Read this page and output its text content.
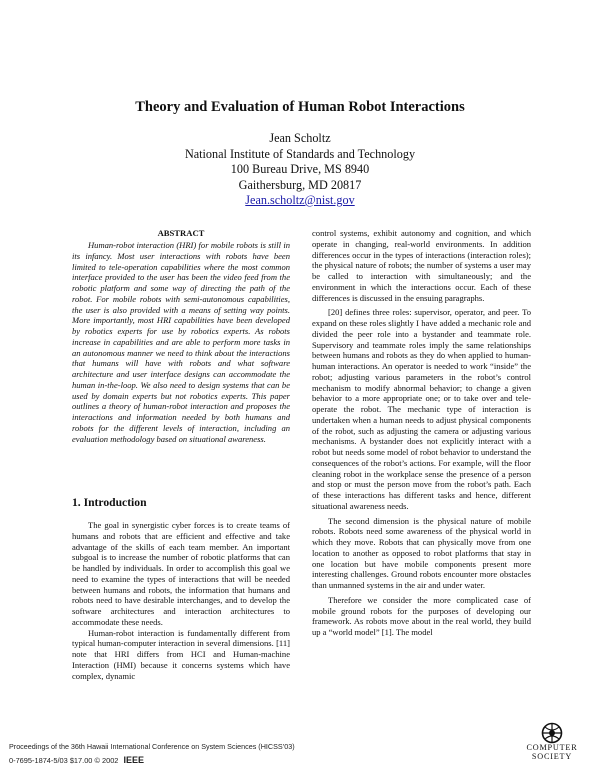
Theory and Evaluation of Human Robot Interactions
Jean Scholtz
National Institute of Standards and Technology
100 Bureau Drive, MS 8940
Gaithersburg, MD 20817
Jean.scholtz@nist.gov
ABSTRACT
Human-robot interaction (HRI) for mobile robots is still in its infancy. Most user interactions with robots have been limited to tele-operation capabilities where the most common interface provided to the user has been the video feed from the robotic platform and some way of directing the path of the robot. For mobile robots with semi-autonomous capabilities, the user is also provided with a means of setting way points. More importantly, most HRI capabilities have been developed by robotics experts for use by robotics experts. As robots increase in capabilities and are able to perform more tasks in an autonomous manner we need to think about the interactions that humans will have with robots and what software architecture and user interface designs can accommodate the human in-the-loop. We also need to design systems that can be used by domain experts but not robotics experts. This paper outlines a theory of human-robot interaction and proposes the interactions and information needed by both humans and robots for the different levels of interaction, including an evaluation methodology based on situational awareness.
1. Introduction

The goal in synergistic cyber forces is to create teams of humans and robots that are efficient and effective and take advantage of the skills of each team member. An important subgoal is to increase the number of robotic platforms that can be handled by individuals. In order to accomplish this goal we need to examine the types of interactions that will be needed between humans and robots, the information that humans and robots need to have desirable interchanges, and to develop the software architectures and interaction architectures to accommodate these needs.

Human-robot interaction is fundamentally different from typical human-computer interaction in several dimensions. [11] note that HRI differs from HCI and Human-machine Interaction (HMI) because it concerns systems which have complex, dynamic

control systems, exhibit autonomy and cognition, and which operate in changing, real-world environments. In addition differences occur in the types of interactions (interaction roles); the physical nature of robots; the number of systems a user may be called to interaction with simultaneously; and the environment in which the interactions occur. Each of these differences is discussed in the ensuing paragraphs.

[20] defines three roles: supervisor, operator, and peer. To expand on these roles slightly I have added a mechanic role and divided the peer role into a bystander and teammate role. Supervisory and teammate roles imply the same relationships between humans and robots as they do when applied to human-human interactions. An operator is needed to work “inside” the robot; adjusting various parameters in the robot’s control mechanism to modify abnormal behavior; to change a given behavior to a more appropriate one; or to take over and tele-operate the robot. The mechanic type of interaction is undertaken when a human needs to adjust physical components of the robot, such as adjusting the camera or adjusting various mechanisms. A bystander does not explicitly interact with a robot but needs some model of robot behavior to understand the consequences of the robot’s actions. For example, will the floor cleaning robot in the workplace sense the presence of a person and stop or must the person move from the robot’s path. Each of these interactions has different tasks and hence, different situational awareness needs.

The second dimension is the physical nature of mobile robots. Robots need some awareness of the physical world in which they move. Robots that can physically move from one location to another as opposed to robot platforms that stay in one location but have mobile components present more interesting challenges. Ground robots encounter more obstacles than unmanned systems in the air and under water.

Therefore we consider the more complicated case of mobile ground robots for the purposes of developing our framework. As robots move about in the real world, they build up a “world model” [1]. The model

Proceedings of the 36th Hawaii International Conference on System Sciences (HICSS’03)
0-7695-1874-5/03 $17.00 © 2002 IEEE
COMPUTER
SOCIETY
